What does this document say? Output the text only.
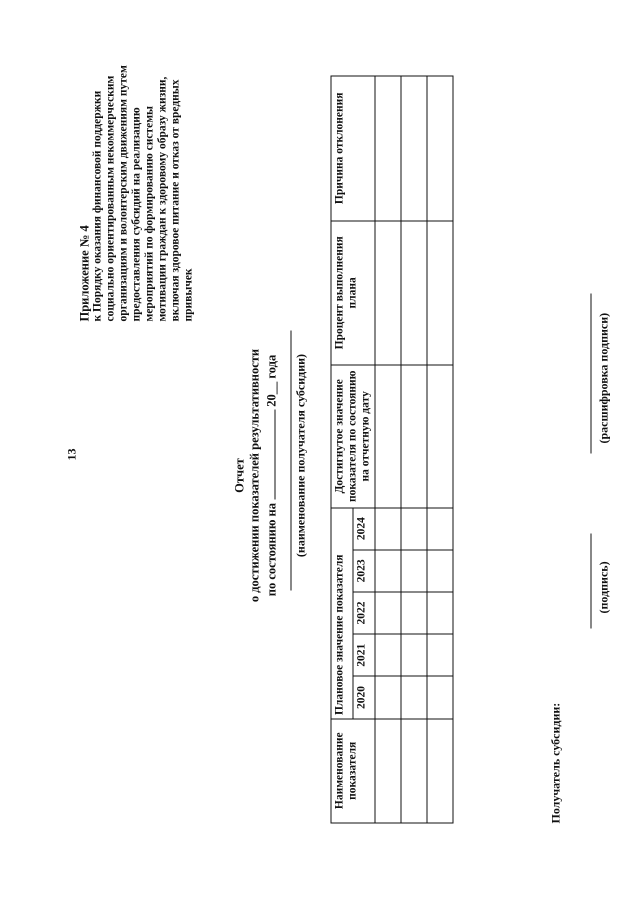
13
Приложение № 4 к Порядку оказания финансовой поддержки социально ориентированным некоммерческим организациям и волонтерским движениям путем предоставления субсидий на реализацию мероприятий по формированию системы мотивации граждан к здоровому образу жизни, включая здоровое питание и отказ от вредных привычек
Отчет о достижении показателей результативности по состоянию на  20__ года (наименование получателя субсидии)
Наименование показателя	Плановое значение показателя					Достигнутое значение показателя по состоянию на отчетную дату	Процент выполнения плана	Причина отклонения
	2020	2021	2022	2023	2024			

Получатель субсидии:
(подпись)
(расшифровка подписи)
